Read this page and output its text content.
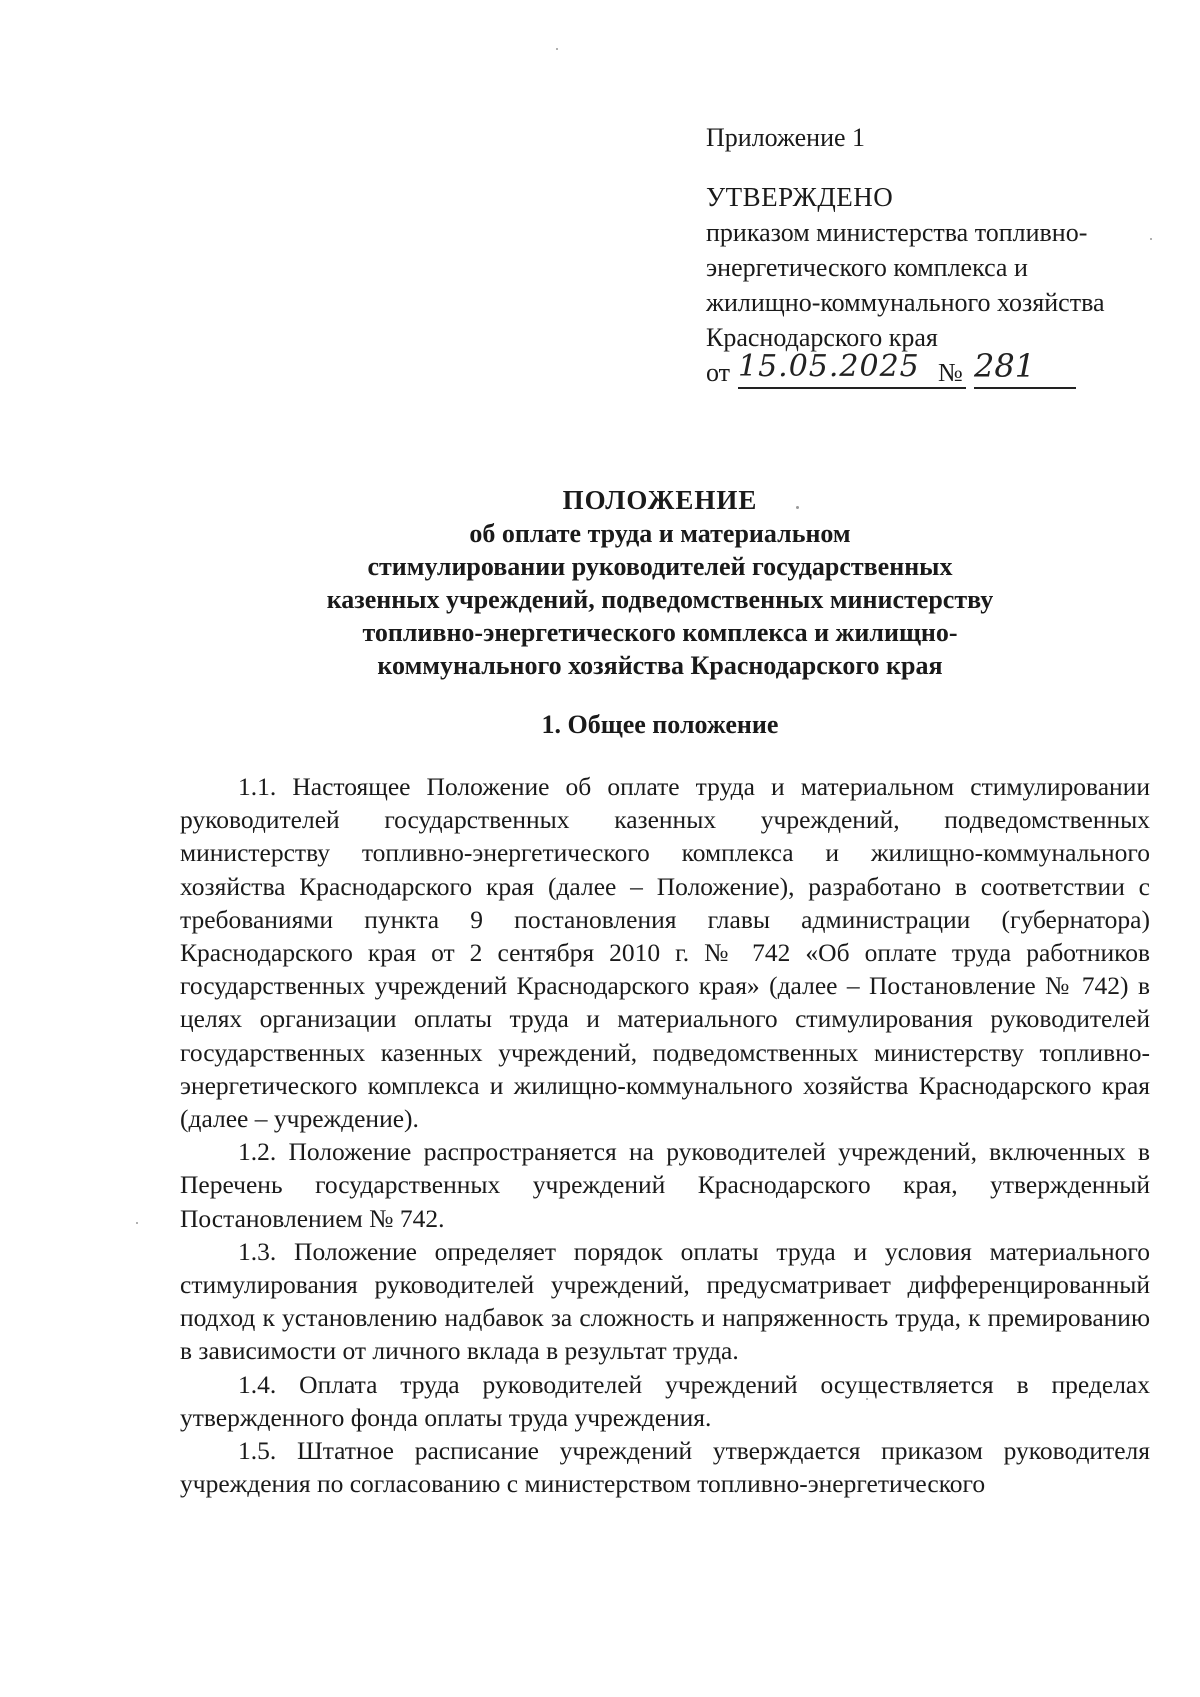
Приложение 1

УТВЕРЖДЕНО

приказом министерства топливно-

энергетического комплекса и

жилищно-коммунального хозяйства

Краснодарского края

от 15.05.2025 № 281

ПОЛОЖЕНИЕ

об оплате труда и материальном

стимулировании руководителей государственных

казенных учреждений, подведомственных министерству

топливно-энергетического комплекса и жилищно-

коммунального хозяйства Краснодарского края

1. Общее положение

1.1. Настоящее Положение об оплате труда и материальном стимулировании руководителей государственных казенных учреждений, подведомственных министерству топливно-энергетического комплекса и жилищно-коммунального хозяйства Краснодарского края (далее – Положение), разработано в соответствии с требованиями пункта 9 постановления главы администрации (губернатора) Краснодарского края от 2 сентября 2010 г. № 742 «Об оплате труда работников государственных учреждений Краснодарского края» (далее – Постановление № 742) в целях организации оплаты труда и материального стимулирования руководителей государственных казенных учреждений, подведомственных министерству топливно-энергетического комплекса и жилищно-коммунального хозяйства Краснодарского края (далее – учреждение).

1.2. Положение распространяется на руководителей учреждений, включенных в Перечень государственных учреждений Краснодарского края, утвержденный Постановлением № 742.

1.3. Положение определяет порядок оплаты труда и условия материального стимулирования руководителей учреждений, предусматривает дифференцированный подход к установлению надбавок за сложность и напряженность труда, к премированию в зависимости от личного вклада в результат труда.

1.4. Оплата труда руководителей учреждений осуществляется в пределах утвержденного фонда оплаты труда учреждения.

1.5. Штатное расписание учреждений утверждается приказом руководителя учреждения по согласованию с министерством топливно-энергетического
